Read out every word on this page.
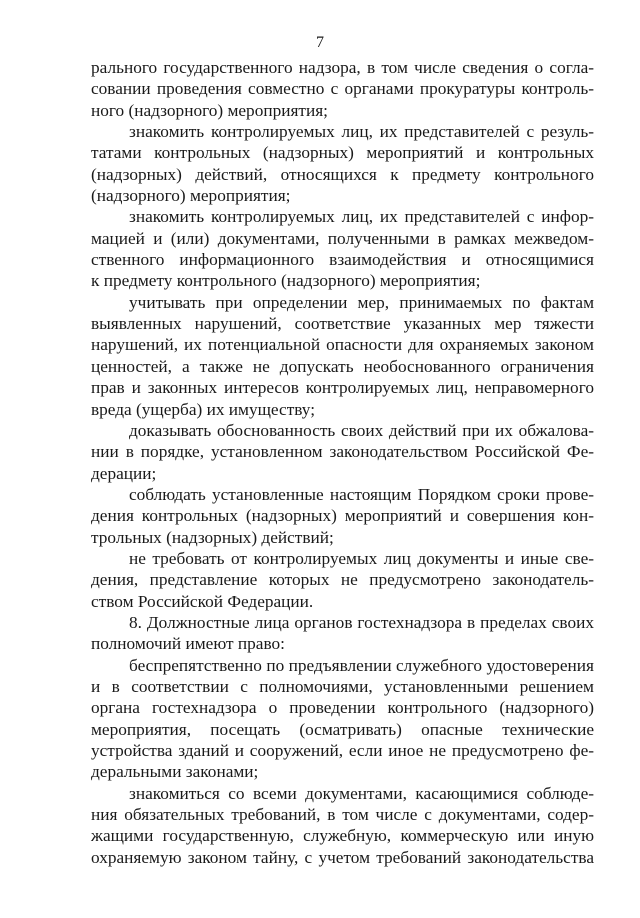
7
рального государственного надзора, в том числе сведения о согла-
совании проведения совместно с органами прокуратуры контроль-
ного (надзорного) мероприятия;
знакомить контролируемых лиц, их представителей с резуль-
татами контрольных (надзорных) мероприятий и контрольных
(надзорных) действий, относящихся к предмету контрольного
(надзорного) мероприятия;
знакомить контролируемых лиц, их представителей с инфор-
мацией и (или) документами, полученными в рамках межведом-
ственного информационного взаимодействия и относящимися
к предмету контрольного (надзорного) мероприятия;
учитывать при определении мер, принимаемых по фактам
выявленных нарушений, соответствие указанных мер тяжести
нарушений, их потенциальной опасности для охраняемых законом
ценностей, а также не допускать необоснованного ограничения
прав и законных интересов контролируемых лиц, неправомерного
вреда (ущерба) их имуществу;
доказывать обоснованность своих действий при их обжалова-
нии в порядке, установленном законодательством Российской Фе-
дерации;
соблюдать установленные настоящим Порядком сроки прове-
дения контрольных (надзорных) мероприятий и совершения кон-
трольных (надзорных) действий;
не требовать от контролируемых лиц документы и иные све-
дения, представление которых не предусмотрено законодатель-
ством Российской Федерации.
8. Должностные лица органов гостехнадзора в пределах своих
полномочий имеют право:
беспрепятственно по предъявлении служебного удостоверения
и в соответствии с полномочиями, установленными решением
органа гостехнадзора о проведении контрольного (надзорного)
мероприятия, посещать (осматривать) опасные технические
устройства зданий и сооружений, если иное не предусмотрено фе-
деральными законами;
знакомиться со всеми документами, касающимися соблюде-
ния обязательных требований, в том числе с документами, содер-
жащими государственную, служебную, коммерческую или иную
охраняемую законом тайну, с учетом требований законодательства
